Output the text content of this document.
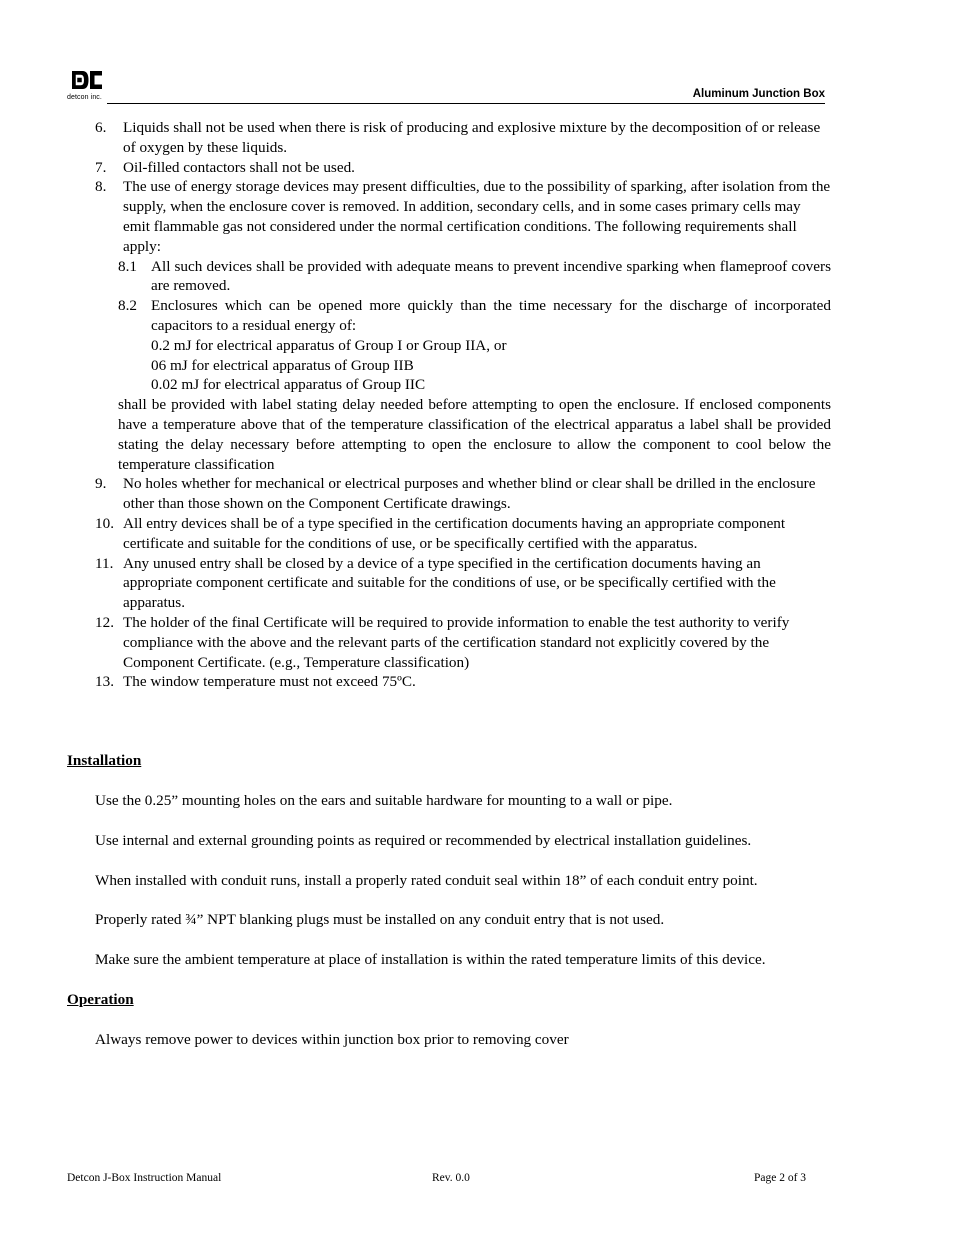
detcon inc.	Aluminum Junction Box
6.	Liquids shall not be used when there is risk of producing and explosive mixture by the decomposition of or release of oxygen by these liquids.
7.	Oil-filled contactors shall not be used.
8.	The use of energy storage devices may present difficulties, due to the possibility of sparking, after isolation from the supply, when the enclosure cover is removed. In addition, secondary cells, and in some cases primary cells may emit flammable gas not considered under the normal certification conditions. The following requirements shall apply:
8.1 All such devices shall be provided with adequate means to prevent incendive sparking when flameproof covers are removed.
8.2 Enclosures which can be opened more quickly than the time necessary for the discharge of incorporated capacitors to a residual energy of:
0.2 mJ for electrical apparatus of Group I or Group IIA, or
06 mJ for electrical apparatus of Group IIB
0.02 mJ for electrical apparatus of Group IIC
shall be provided with label stating delay needed before attempting to open the enclosure. If enclosed components have a temperature above that of the temperature classification of the electrical apparatus a label shall be provided stating the delay necessary before attempting to open the enclosure to allow the component to cool below the temperature classification
9.	No holes whether for mechanical or electrical purposes and whether blind or clear shall be drilled in the enclosure other than those shown on the Component Certificate drawings.
10. All entry devices shall be of a type specified in the certification documents having an appropriate component certificate and suitable for the conditions of use, or be specifically certified with the apparatus.
11. Any unused entry shall be closed by a device of a type specified in the certification documents having an appropriate component certificate and suitable for the conditions of use, or be specifically certified with the apparatus.
12. The holder of the final Certificate will be required to provide information to enable the test authority to verify compliance with the above and the relevant parts of the certification standard not explicitly covered by the Component Certificate. (e.g., Temperature classification)
13. The window temperature must not exceed 75ºC.
Installation
Use the 0.25” mounting holes on the ears and suitable hardware for mounting to a wall or pipe.
Use internal and external grounding points as required or recommended by electrical installation guidelines.
When installed with conduit runs, install a properly rated conduit seal within 18” of each conduit entry point.
Properly rated ¾” NPT blanking plugs must be installed on any conduit entry that is not used.
Make sure the ambient temperature at place of installation is within the rated temperature limits of this device.
Operation
Always remove power to devices within junction box prior to removing cover
Detcon J-Box Instruction Manual	Rev. 0.0	Page 2 of 3
